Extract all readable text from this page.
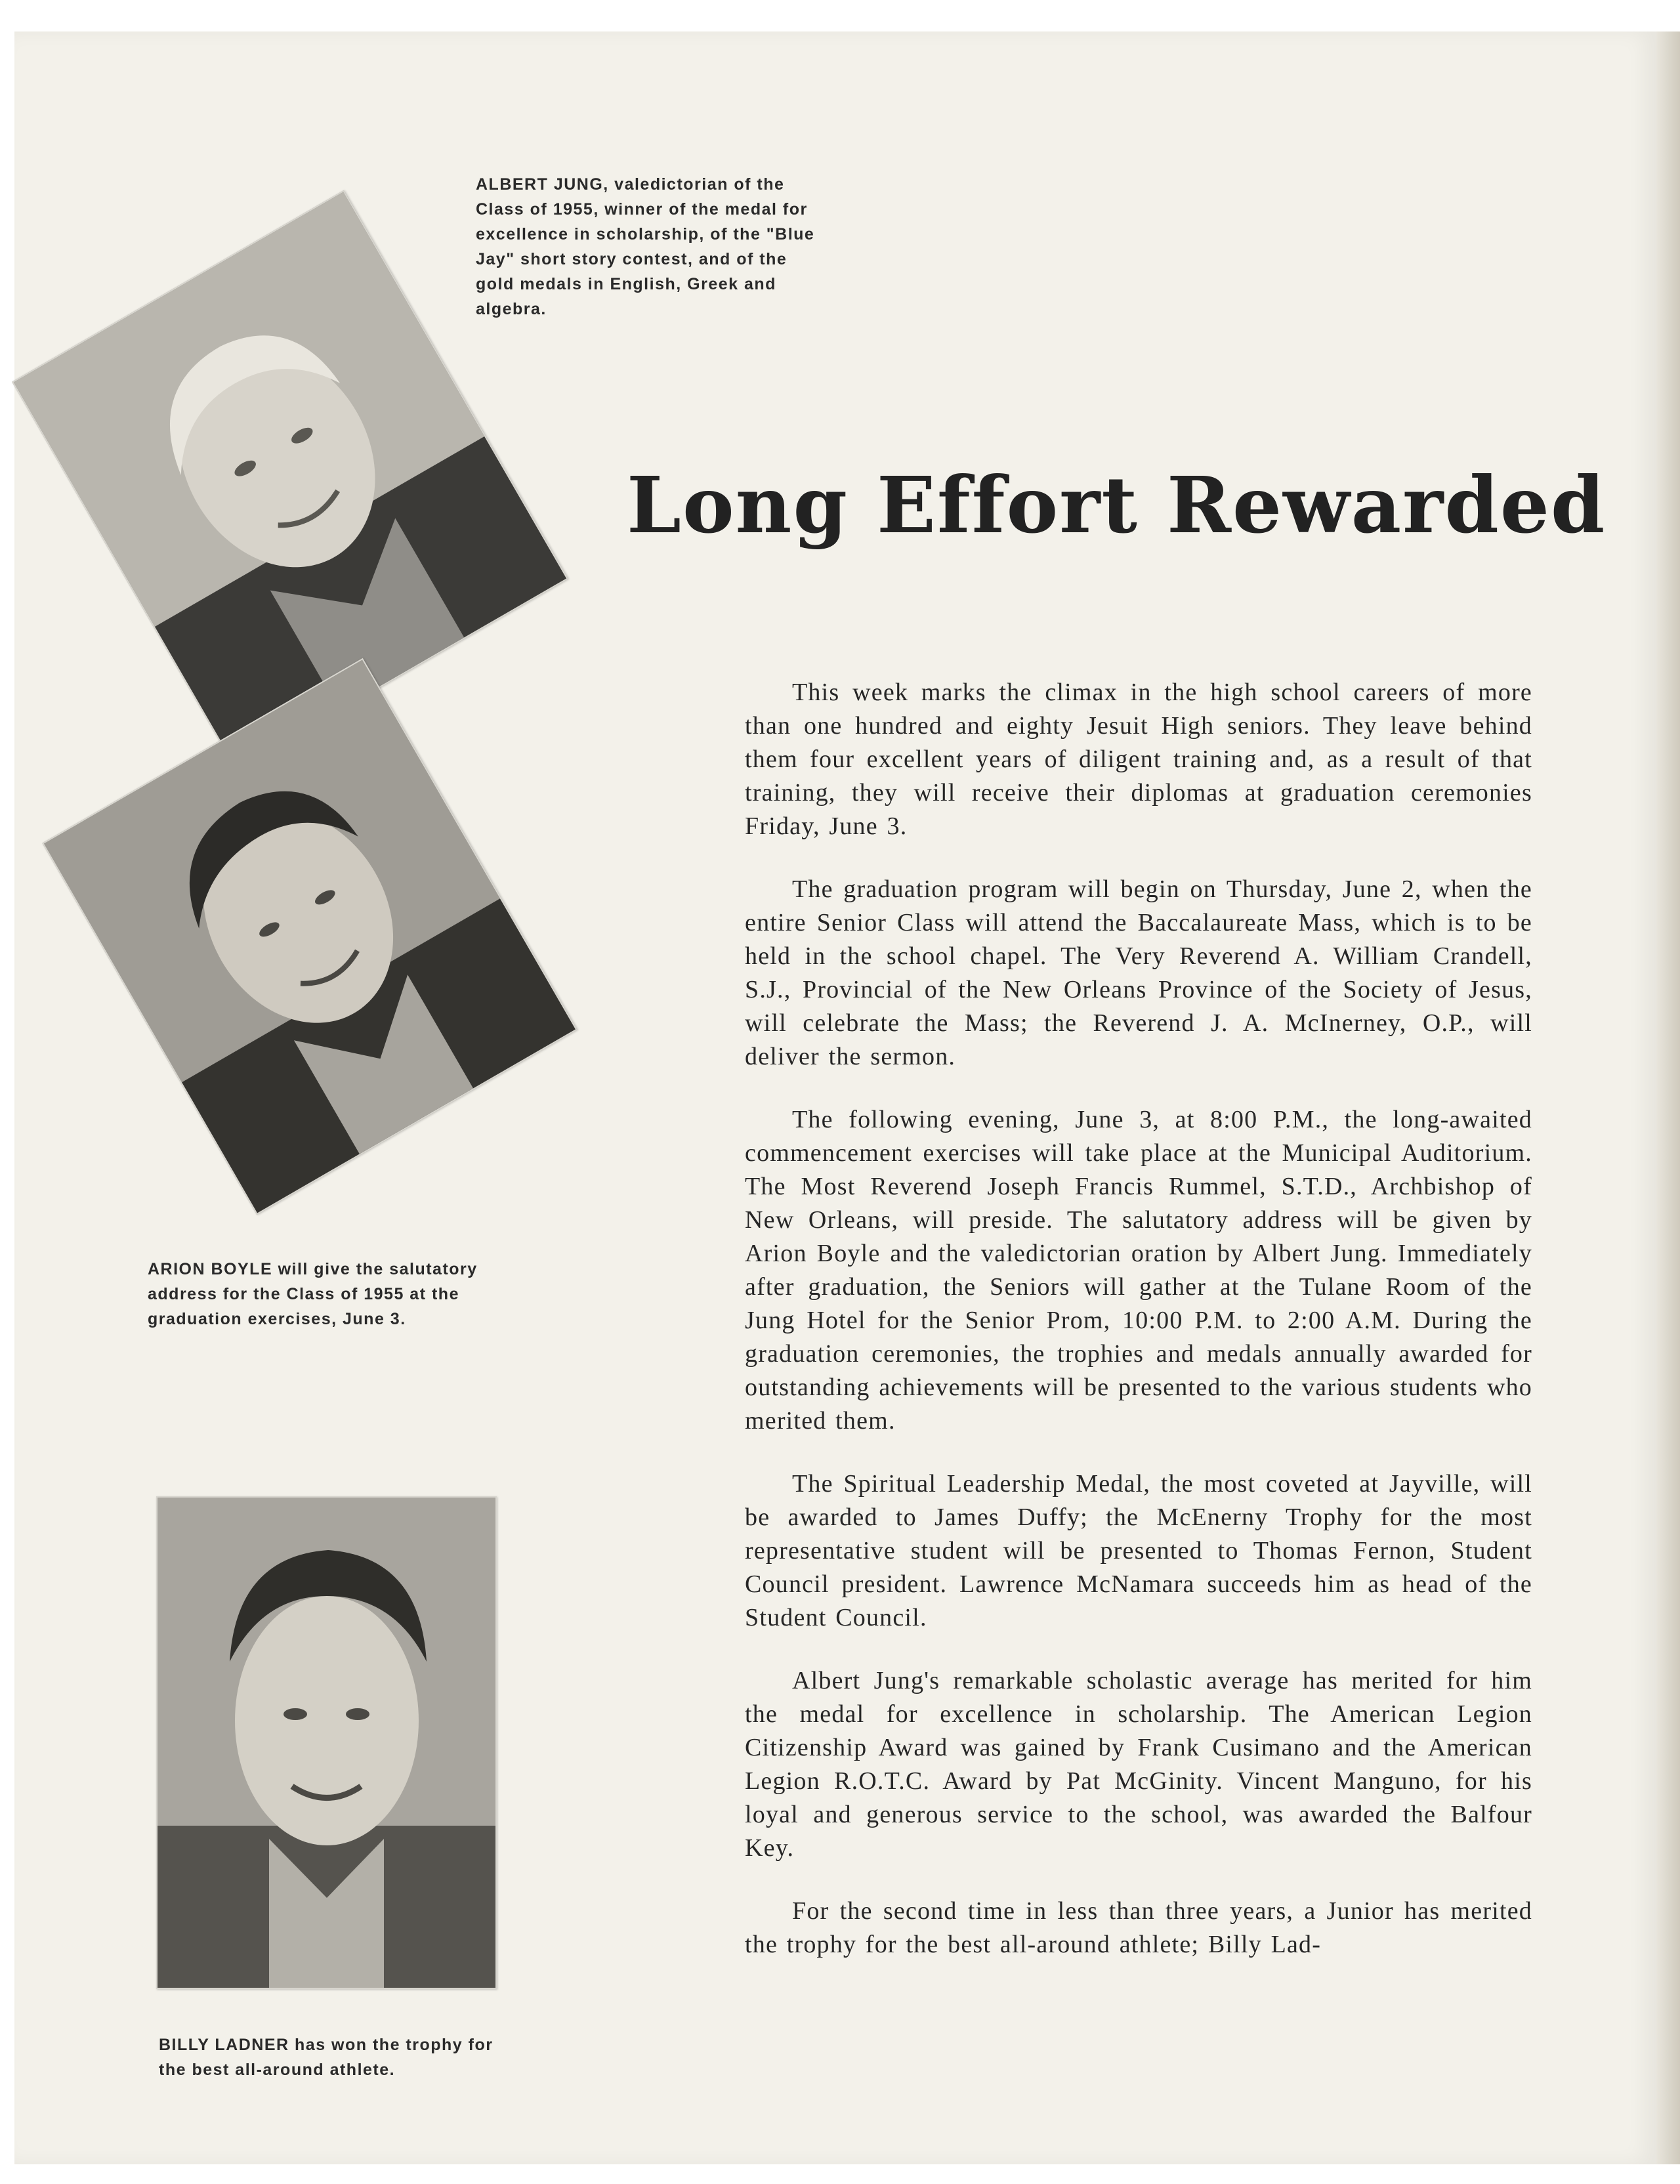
ALBERT JUNG, valedictorian of the Class of 1955, winner of the medal for excellence in scholarship, of the "Blue Jay" short story contest, and of the gold medals in English, Greek and algebra.
Long Effort Rewarded
ARION BOYLE will give the salutatory address for the Class of 1955 at the graduation exercises, June 3.
BILLY LADNER has won the trophy for the best all-around athlete.

This week marks the climax in the high school careers of more than one hundred and eighty Jesuit High seniors. They leave behind them four excellent years of diligent training and, as a result of that training, they will receive their diplomas at graduation ceremonies Friday, June 3.

The graduation program will begin on Thursday, June 2, when the entire Senior Class will attend the Baccalaureate Mass, which is to be held in the school chapel. The Very Reverend A. William Crandell, S.J., Provincial of the New Orleans Province of the Society of Jesus, will celebrate the Mass; the Reverend J. A. McInerney, O.P., will deliver the sermon.

The following evening, June 3, at 8:00 P.M., the long-awaited commencement exercises will take place at the Municipal Auditorium. The Most Reverend Joseph Francis Rummel, S.T.D., Archbishop of New Orleans, will preside. The salutatory address will be given by Arion Boyle and the valedictorian oration by Albert Jung. Immediately after graduation, the Seniors will gather at the Tulane Room of the Jung Hotel for the Senior Prom, 10:00 P.M. to 2:00 A.M. During the graduation ceremonies, the trophies and medals annually awarded for outstanding achievements will be presented to the various students who merited them.

The Spiritual Leadership Medal, the most coveted at Jayville, will be awarded to James Duffy; the McEnerny Trophy for the most representative student will be presented to Thomas Fernon, Student Council president. Lawrence McNamara succeeds him as head of the Student Council.

Albert Jung's remarkable scholastic average has merited for him the medal for excellence in scholarship. The American Legion Citizenship Award was gained by Frank Cusimano and the American Legion R.O.T.C. Award by Pat McGinity. Vincent Manguno, for his loyal and generous service to the school, was awarded the Balfour Key.

For the second time in less than three years, a Junior has merited the trophy for the best all-around athlete; Billy Lad-
